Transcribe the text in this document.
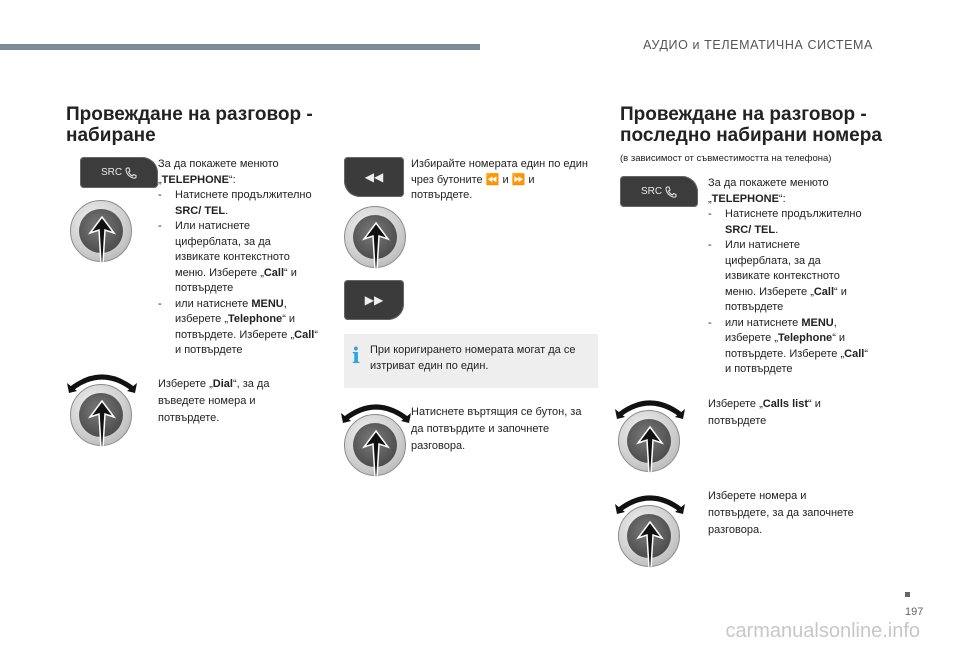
АУДИО и ТЕЛЕМАТИЧНА СИСТЕМА
Провеждане на разговор -
набиране
SRC
За да покажете менюто „TELEPHONE“:
- Натиснете продължително SRC/ TEL.
- Или натиснете циферблата, за да извикате контекстното меню. Изберете „Call“ и потвърдете
- или натиснете MENU, изберете „Telephone“ и потвърдете. Изберете „Call“ и потвърдете
Изберете „Dial“, за да въведете номера и потвърдете.
◀◀
▶▶
Избирайте номерата един по един чрез бутоните ⏪ и ⏩ и потвърдете.
i При коригирането номерата могат да се изтриват един по един.
Натиснете въртящия се бутон, за да потвърдите и започнете разговора.
Провеждане на разговор -
последно набирани номера
(в зависимост от съвместимостта на телефона)
SRC
За да покажете менюто „TELEPHONE“:
- Натиснете продължително SRC/ TEL.
- Или натиснете циферблата, за да извикате контекстното меню. Изберете „Call“ и потвърдете
- или натиснете MENU, изберете „Telephone“ и потвърдете. Изберете „Call“ и потвърдете
Изберете „Calls list“ и потвърдете
Изберете номера и потвърдете, за да започнете разговора.
197
carmanualsonline.info
